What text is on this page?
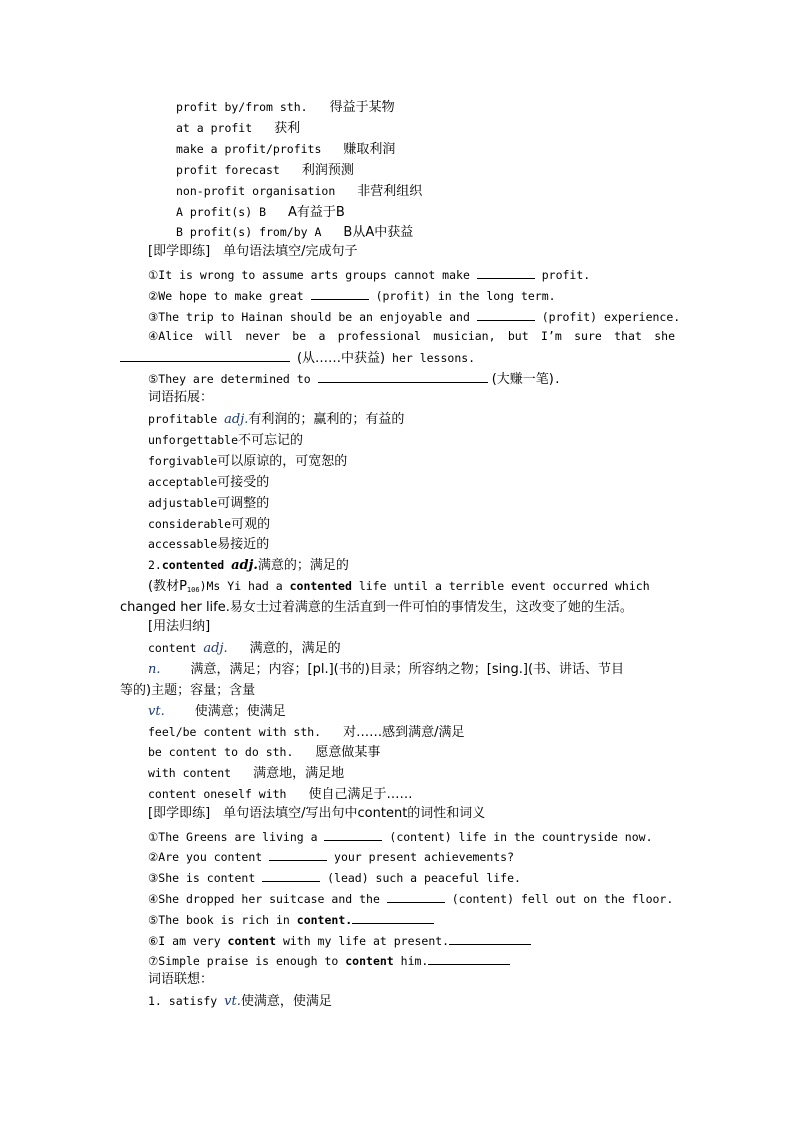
profit by/from sth. 得益于某物
at a profit 获利
make a profit/profits 赚取利润
profit forecast 利润预测
non-profit organisation 非营利组织
A profit(s) B A有益于B
B profit(s) from/by A B从A中获益
[即学即练]　单句语法填空/完成句子
①It is wrong to assume arts groups cannot make	profit.
②We hope to make great	(profit) in the long term.
③The trip to Hainan should be an enjoyable and	(profit) experience.
④Alice will never be a professional musician, but I’m sure that she
(从……中获益) her lessons.
⑤They are determined to	(大赚一笔).
词语拓展：
profitable adj.有利润的；赢利的；有益的
unforgettable不可忘记的
forgivable可以原谅的，可宽恕的
acceptable可接受的
adjustable可调整的
considerable可观的
accessable易接近的
2.contented adj.满意的；满足的
(教材$P_{106})Ms$ Yi had a contented life until a terrible event occurred which
changed her life.易女士过着满意的生活直到一件可怕的事情发生，这改变了她的生活。
[用法归纳]
content adj. 满意的，满足的
n. 满意，满足；内容；[pl.](书的)目录；所容纳之物；[sing.](书、讲话、节目
等的)主题；容量；含量
vt. 使满意；使满足
feel/be content with sth. 对……感到满意/满足
be content to do sth. 愿意做某事
with content 满意地，满足地
content oneself with 使自己满足于……
[即学即练]　单句语法填空/写出句中content的词性和词义
①The Greens are living a	(content) life in the countryside now.
②Are you content	your present achievements?
③She is content	(lead) such a peaceful life.
④She dropped her suitcase and the	(content) fell out on the floor.
⑤The book is rich in content.
⑥I am very content with my life at present.
⑦Simple praise is enough to content him.
词语联想：
1. satisfy vt.使满意，使满足
